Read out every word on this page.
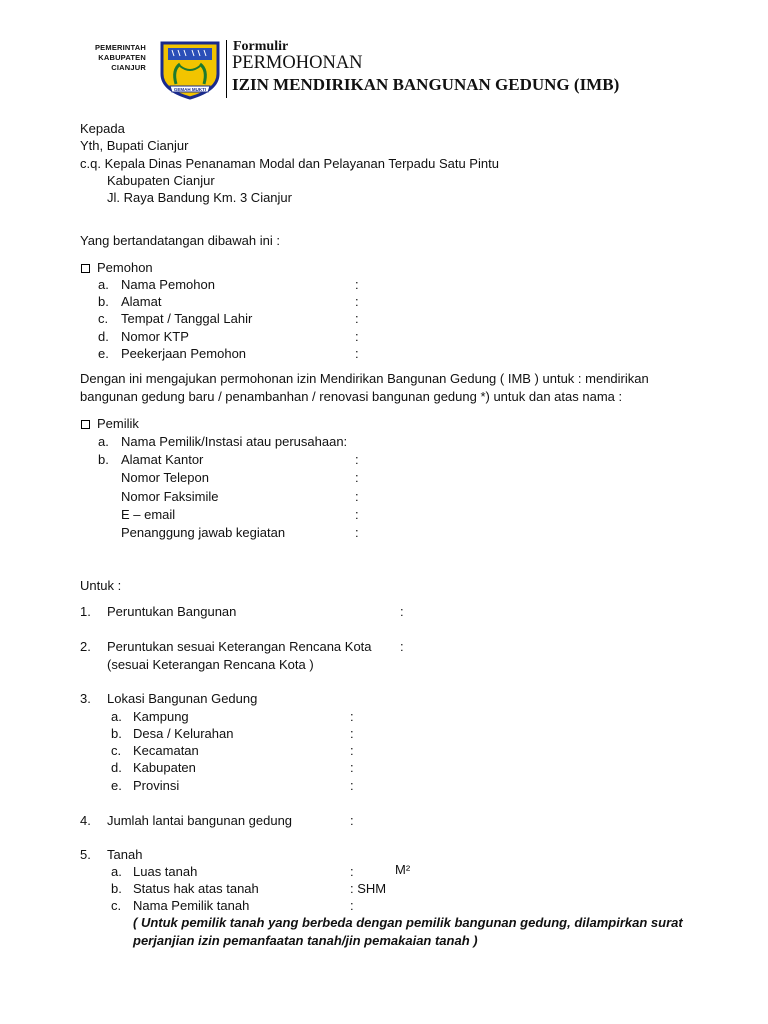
PEMERINTAH
KABUPATEN
CIANJUR
GEMAH MUKTI
Formulir
PERMOHONAN
IZIN MENDIRIKAN BANGUNAN GEDUNG (IMB)
Kepada
Yth, Bupati Cianjur
c.q. Kepala Dinas Penanaman Modal dan Pelayanan Terpadu Satu Pintu
Kabupaten Cianjur
Jl. Raya Bandung Km. 3 Cianjur
Yang bertandatangan dibawah ini :
Pemohon
a. Nama Pemohon	:
b. Alamat	:
c. Tempat / Tanggal Lahir	:
d. Nomor KTP	:
e. Peekerjaan Pemohon	:
Dengan ini mengajukan permohonan izin Mendirikan Bangunan Gedung ( IMB ) untuk : mendirikan
bangunan gedung baru / penambanhan / renovasi bangunan gedung *) untuk dan atas nama :
Pemilik
a. Nama Pemilik/Instasi atau perusahaan:
b. Alamat Kantor	:
Nomor Telepon	:
Nomor Faksimile	:
E – email	:
Penanggung jawab kegiatan	:
Untuk :
1. Peruntukan Bangunan	:
2. Peruntukan sesuai Keterangan Rencana Kota :
(sesuai Keterangan Rencana Kota )
3. Lokasi Bangunan Gedung
a. Kampung	:
b. Desa / Kelurahan	:
c. Kecamatan	:
d. Kabupaten	:
e. Provinsi	:
4. Jumlah lantai bangunan gedung	:
5. Tanah
a. Luas tanah	:	M²
b. Status hak atas tanah	: SHM
c. Nama Pemilik tanah	:
( Untuk pemilik tanah yang berbeda dengan pemilik bangunan gedung, dilampirkan surat
perjanjian izin pemanfaatan tanah/jin pemakaian tanah )
